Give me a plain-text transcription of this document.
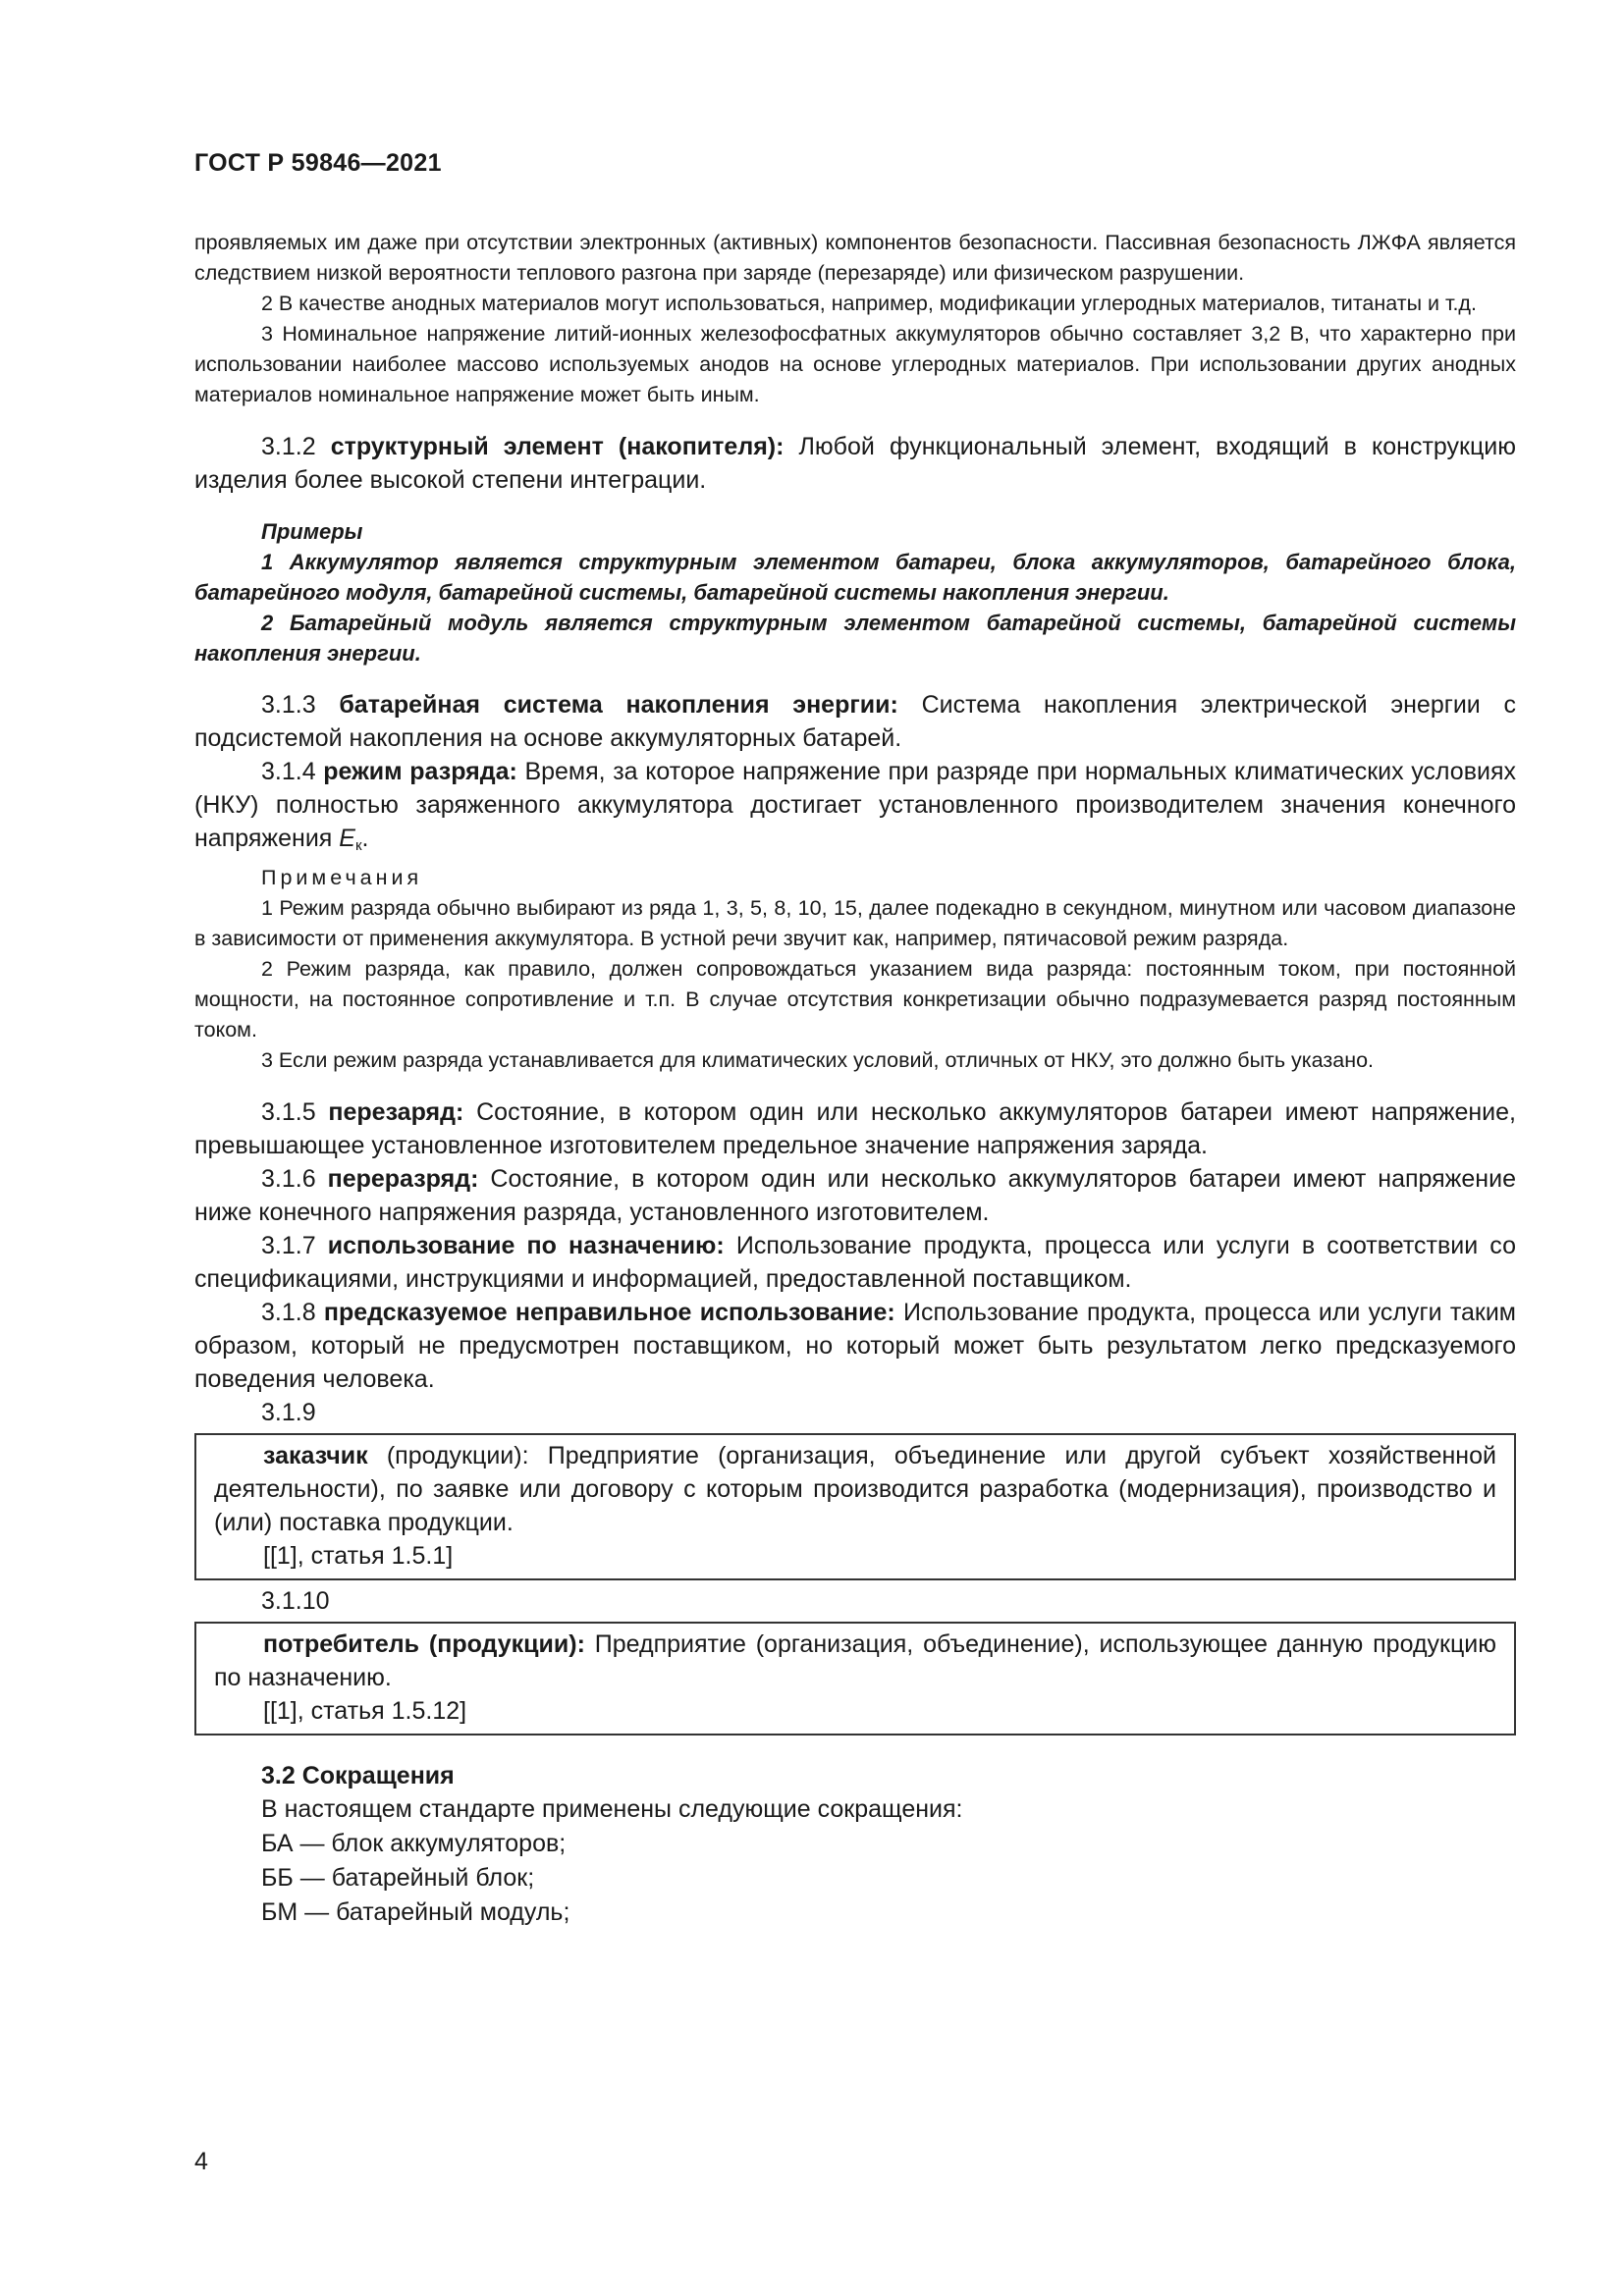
ГОСТ Р 59846—2021

проявляемых им даже при отсутствии электронных (активных) компонентов безопасности. Пассивная безопасность ЛЖФА является следствием низкой вероятности теплового разгона при заряде (перезаряде) или физическом разрушении.

2 В качестве анодных материалов могут использоваться, например, модификации углеродных материалов, титанаты и т.д.

3 Номинальное напряжение литий-ионных железофосфатных аккумуляторов обычно составляет 3,2 В, что характерно при использовании наиболее массово используемых анодов на основе углеродных материалов. При использовании других анодных материалов номинальное напряжение может быть иным.

3.1.2 структурный элемент (накопителя): Любой функциональный элемент, входящий в конструкцию изделия более высокой степени интеграции.

Примеры

1 Аккумулятор является структурным элементом батареи, блока аккумуляторов, батарейного блока, батарейного модуля, батарейной системы, батарейной системы накопления энергии.

2 Батарейный модуль является структурным элементом батарейной системы, батарейной системы накопления энергии.

3.1.3 батарейная система накопления энергии: Система накопления электрической энергии с подсистемой накопления на основе аккумуляторных батарей.

3.1.4 режим разряда: Время, за которое напряжение при разряде при нормальных климатических условиях (НКУ) полностью заряженного аккумулятора достигает установленного производителем значения конечного напряжения $E_к$.

Примечания

1 Режим разряда обычно выбирают из ряда 1, 3, 5, 8, 10, 15, далее подекадно в секундном, минутном или часовом диапазоне в зависимости от применения аккумулятора. В устной речи звучит как, например, пятичасовой режим разряда.

2 Режим разряда, как правило, должен сопровождаться указанием вида разряда: постоянным током, при постоянной мощности, на постоянное сопротивление и т.п. В случае отсутствия конкретизации обычно подразумевается разряд постоянным током.

3 Если режим разряда устанавливается для климатических условий, отличных от НКУ, это должно быть указано.

3.1.5 перезаряд: Состояние, в котором один или несколько аккумуляторов батареи имеют напряжение, превышающее установленное изготовителем предельное значение напряжения заряда.

3.1.6 переразряд: Состояние, в котором один или несколько аккумуляторов батареи имеют напряжение ниже конечного напряжения разряда, установленного изготовителем.

3.1.7 использование по назначению: Использование продукта, процесса или услуги в соответствии со спецификациями, инструкциями и информацией, предоставленной поставщиком.

3.1.8 предсказуемое неправильное использование: Использование продукта, процесса или услуги таким образом, который не предусмотрен поставщиком, но который может быть результатом легко предсказуемого поведения человека.

3.1.9

заказчик (продукции): Предприятие (организация, объединение или другой субъект хозяйственной деятельности), по заявке или договору с которым производится разработка (модернизация), производство и (или) поставка продукции.

[[1], статья 1.5.1]

3.1.10

потребитель (продукции): Предприятие (организация, объединение), использующее данную продукцию по назначению.

[[1], статья 1.5.12]

3.2 Сокращения

В настоящем стандарте применены следующие сокращения:

БА — блок аккумуляторов;

ББ — батарейный блок;

БМ — батарейный модуль;

4
